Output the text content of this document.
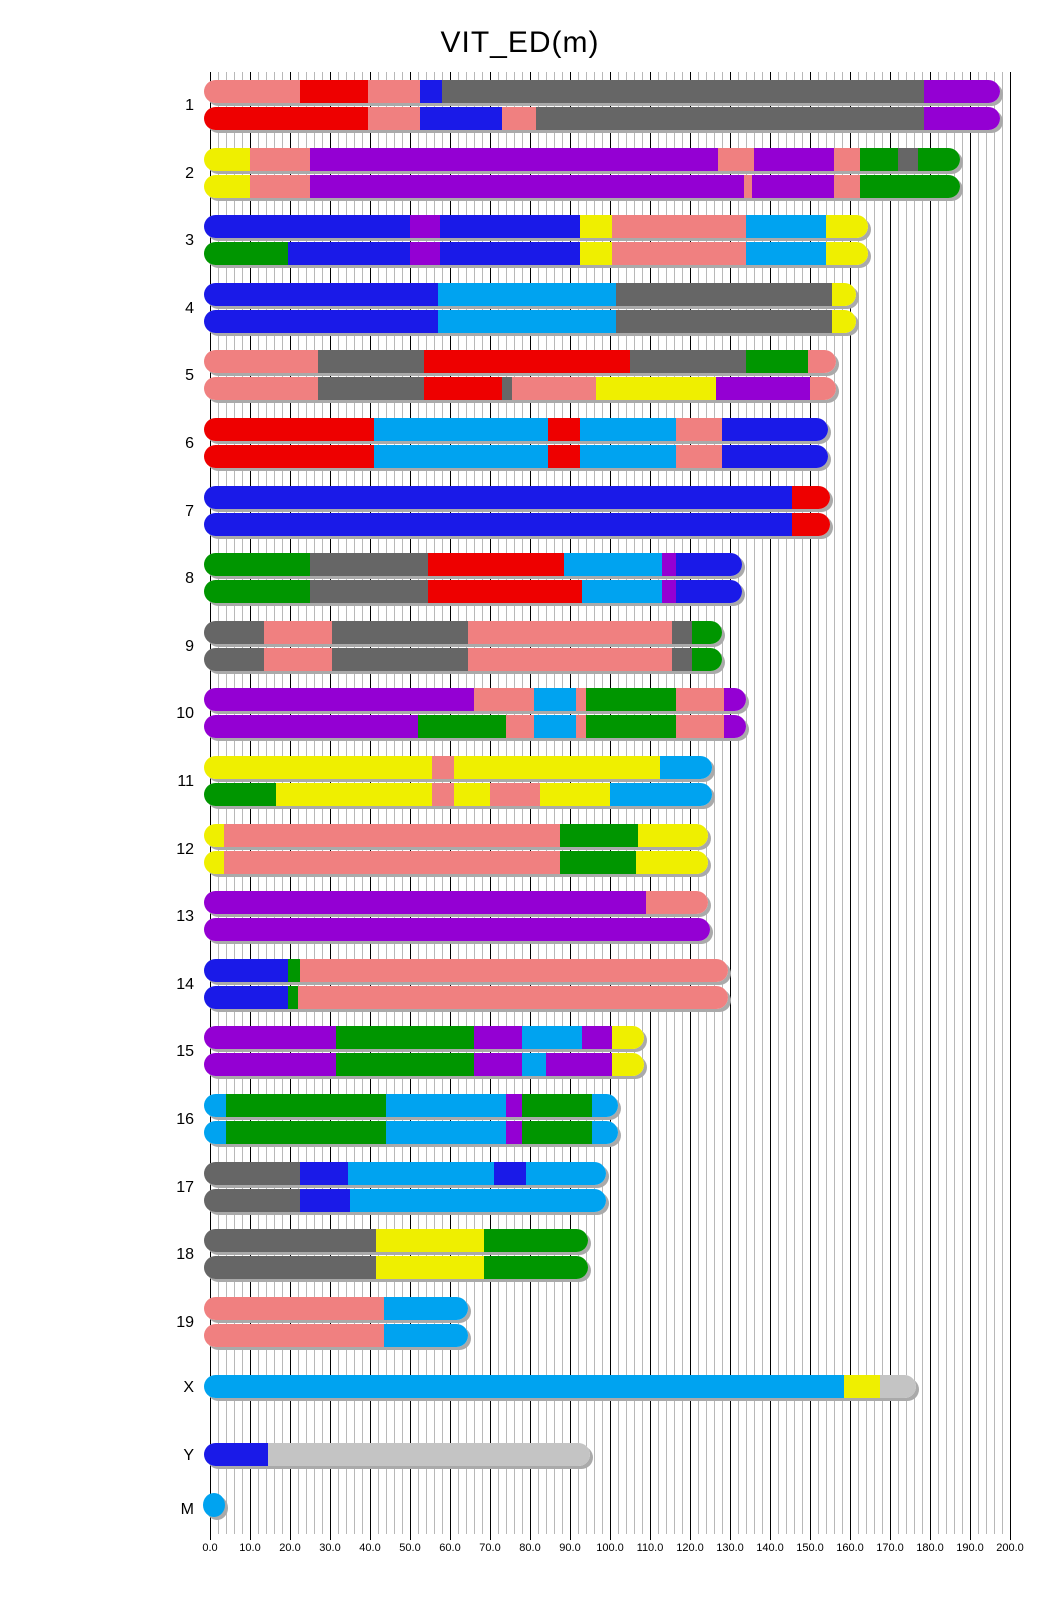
VIT_ED(m)
1
2
3
4
5
6
7
8
9
10
11
12
13
14
15
16
17
18
19
X
Y
M
0.0	10.0	20.0	30.0	40.0	50.0	60.0	70.0	80.0	90.0	100.0	110.0	120.0	130.0	140.0	150.0	160.0	170.0	180.0	190.0	200.0
